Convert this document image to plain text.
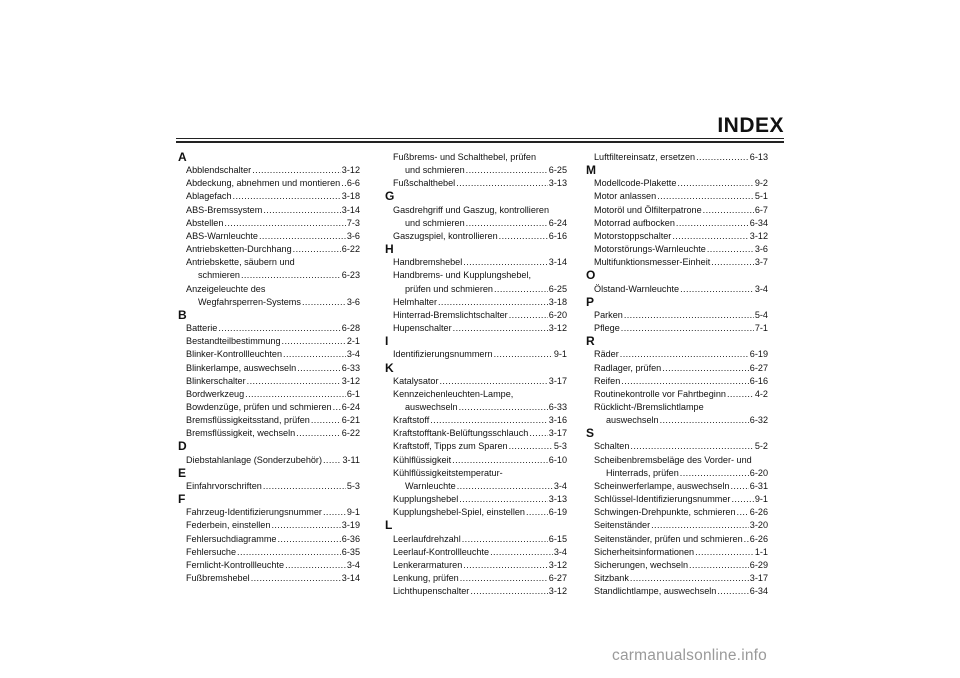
INDEX
A
Abblendschalter .....	3-12
Abdeckung, abnehmen und montieren ..... 6-6
Ablagefach .....	3-18
ABS-Bremssystem .....	3-14
Abstellen .....	7-3
ABS-Warnleuchte .....	3-6
Antriebsketten-Durchhang .....	6-22
Antriebskette, säubern und
schmieren .....	6-23
Anzeigeleuchte des
Wegfahrsperren-Systems .....	3-6
B
Batterie .....	6-28
Bestandteilbestimmung .....	2-1
Blinker-Kontrollleuchten .....	3-4
Blinkerlampe, auswechseln .....	6-33
Blinkerschalter .....	3-12
Bordwerkzeug .....	6-1
Bowdenzüge, prüfen und schmieren ..... 6-24
Bremsflüssigkeitsstand, prüfen .....	6-21
Bremsflüssigkeit, wechseln .....	6-22
D
Diebstahlanlage (Sonderzubehör) ..... 3-11
E
Einfahrvorschriften .....	5-3
F
Fahrzeug-Identifizierungsnummer .....	9-1
Federbein, einstellen .....	3-19
Fehlersuchdiagramme .....	6-36
Fehlersuche .....	6-35
Fernlicht-Kontrollleuchte .....	3-4
Fußbremshebel .....	3-14
Fußbrems- und Schalthebel, prüfen
und schmieren .....	6-25
Fußschalthebel .....	3-13
G
Gasdrehgriff und Gaszug, kontrollieren
und schmieren .....	6-24
Gaszugspiel, kontrollieren .....	6-16
H
Handbremshebel .....	3-14
Handbrems- und Kupplungshebel,
prüfen und schmieren .....	6-25
Helmhalter .....	3-18
Hinterrad-Bremslichtschalter .....	6-20
Hupenschalter .....	3-12
I
Identifizierungsnummern .....	9-1
K
Katalysator .....	3-17
Kennzeichenleuchten-Lampe,
auswechseln .....	6-33
Kraftstoff .....	3-16
Kraftstofftank-Belüftungsschlauch ..... 3-17
Kraftstoff, Tipps zum Sparen .....	5-3
Kühlflüssigkeit .....	6-10
Kühlflüssigkeitstemperatur-
Warnleuchte .....	3-4
Kupplungshebel .....	3-13
Kupplungshebel-Spiel, einstellen .....	6-19
L
Leerlaufdrehzahl .....	6-15
Leerlauf-Kontrollleuchte .....	3-4
Lenkerarmaturen .....	3-12
Lenkung, prüfen .....	6-27
Lichthupenschalter .....	3-12
Luftfiltereinsatz, ersetzen .....	6-13
M
Modellcode-Plakette .....	9-2
Motor anlassen .....	5-1
Motoröl und Ölfilterpatrone .....	6-7
Motorrad aufbocken .....	6-34
Motorstoppschalter .....	3-12
Motorstörungs-Warnleuchte .....	3-6
Multifunktionsmesser-Einheit .....	3-7
O
Ölstand-Warnleuchte .....	3-4
P
Parken .....	5-4
Pflege .....	7-1
R
Räder .....	6-19
Radlager, prüfen .....	6-27
Reifen .....	6-16
Routinekontrolle vor Fahrtbeginn .....	4-2
Rücklicht-/Bremslichtlampe
auswechseln .....	6-32
S
Schalten .....	5-2
Scheibenbremsbeläge des Vorder- und
Hinterrads, prüfen .....	6-20
Scheinwerferlampe, auswechseln ..... 6-31
Schlüssel-Identifizierungsnummer .....	9-1
Schwingen-Drehpunkte, schmieren ..... 6-26
Seitenständer .....	3-20
Seitenständer, prüfen und schmieren ..... 6-26
Sicherheitsinformationen .....	1-1
Sicherungen, wechseln .....	6-29
Sitzbank .....	3-17
Standlichtlampe, auswechseln .....	6-34
carmanualsonline.info
